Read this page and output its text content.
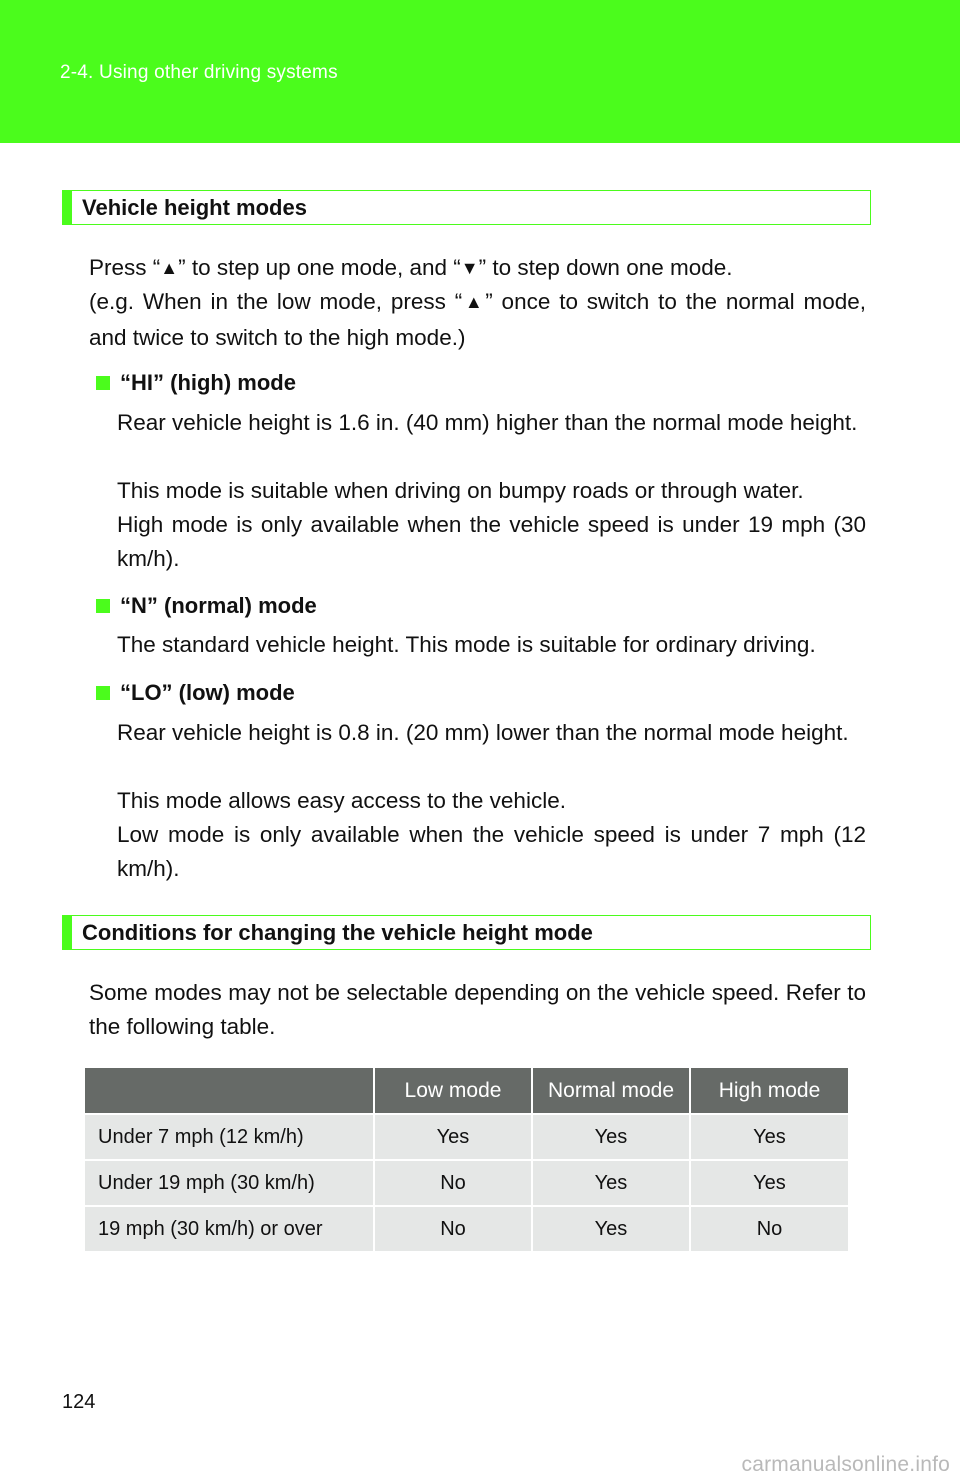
2-4. Using other driving systems
Vehicle height modes
Press “▲” to step up one mode, and “▼” to step down one mode.
(e.g. When in the low mode, press “▲” once to switch to the normal mode, and twice to switch to the high mode.)
“HI” (high) mode
Rear vehicle height is 1.6 in. (40 mm) higher than the normal mode height.
This mode is suitable when driving on bumpy roads or through water.
High mode is only available when the vehicle speed is under 19 mph (30 km/h).
“N” (normal) mode
The standard vehicle height. This mode is suitable for ordinary driving.
“LO” (low) mode
Rear vehicle height is 0.8 in. (20 mm) lower than the normal mode height.
This mode allows easy access to the vehicle.
Low mode is only available when the vehicle speed is under 7 mph (12 km/h).
Conditions for changing the vehicle height mode
Some modes may not be selectable depending on the vehicle speed. Refer to the following table.
	Low mode	Normal mode	High mode
Under 7 mph (12 km/h)	Yes	Yes	Yes
Under 19 mph (30 km/h)	No	Yes	Yes
19 mph (30 km/h) or over	No	Yes	No
124
carmanualsonline.info
